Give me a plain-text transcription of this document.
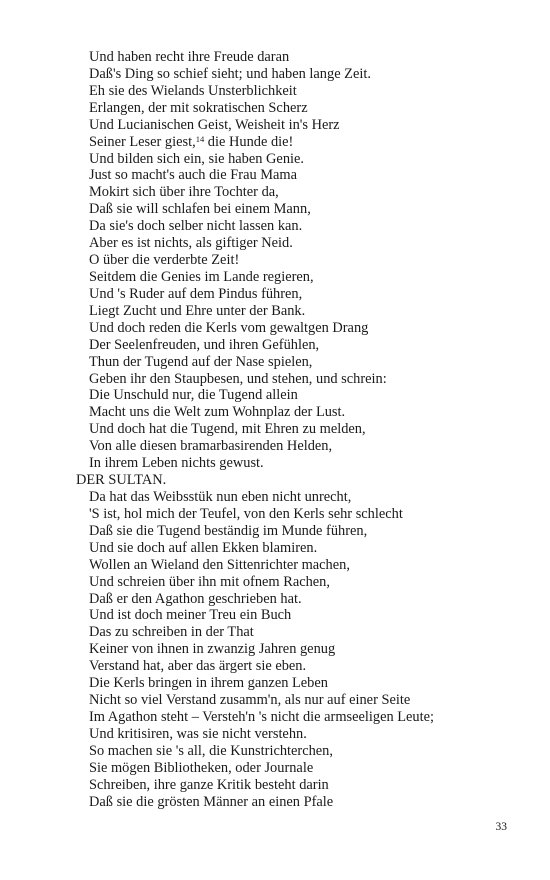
Und haben recht ihre Freude daran
Daß's Ding so schief sieht; und haben lange Zeit.
Eh sie des Wielands Unsterblichkeit
Erlangen, der mit sokratischen Scherz
Und Lucianischen Geist, Weisheit in's Herz
Seiner Leser giest,$^{14}$ die Hunde die!
Und bilden sich ein, sie haben Genie.
Just so macht's auch die Frau Mama
Mokirt sich über ihre Tochter da,
Daß sie will schlafen bei einem Mann,
Da sie's doch selber nicht lassen kan.
Aber es ist nichts, als giftiger Neid.
O über die verderbte Zeit!
Seitdem die Genies im Lande regieren,
Und 's Ruder auf dem Pindus führen,
Liegt Zucht und Ehre unter der Bank.
Und doch reden die Kerls vom gewaltgen Drang
Der Seelenfreuden, und ihren Gefühlen,
Thun der Tugend auf der Nase spielen,
Geben ihr den Staupbesen, und stehen, und schrein:
Die Unschuld nur, die Tugend allein
Macht uns die Welt zum Wohnplaz der Lust.
Und doch hat die Tugend, mit Ehren zu melden,
Von alle diesen bramarbasirenden Helden,
In ihrem Leben nichts gewust.
DER SULTAN.
Da hat das Weibsstük nun eben nicht unrecht,
'S ist, hol mich der Teufel, von den Kerls sehr schlecht
Daß sie die Tugend beständig im Munde führen,
Und sie doch auf allen Ekken blamiren.
Wollen an Wieland den Sittenrichter machen,
Und schreien über ihn mit ofnem Rachen,
Daß er den Agathon geschrieben hat.
Und ist doch meiner Treu ein Buch
Das zu schreiben in der That
Keiner von ihnen in zwanzig Jahren genug
Verstand hat, aber das ärgert sie eben.
Die Kerls bringen in ihrem ganzen Leben
Nicht so viel Verstand zusamm'n, als nur auf einer Seite
Im Agathon steht – Versteh'n 's nicht die armseeligen Leute;
Und kritisiren, was sie nicht verstehn.
So machen sie 's all, die Kunstrichterchen,
Sie mögen Bibliotheken, oder Journale
Schreiben, ihre ganze Kritik besteht darin
Daß sie die grösten Männer an einen Pfale
33
